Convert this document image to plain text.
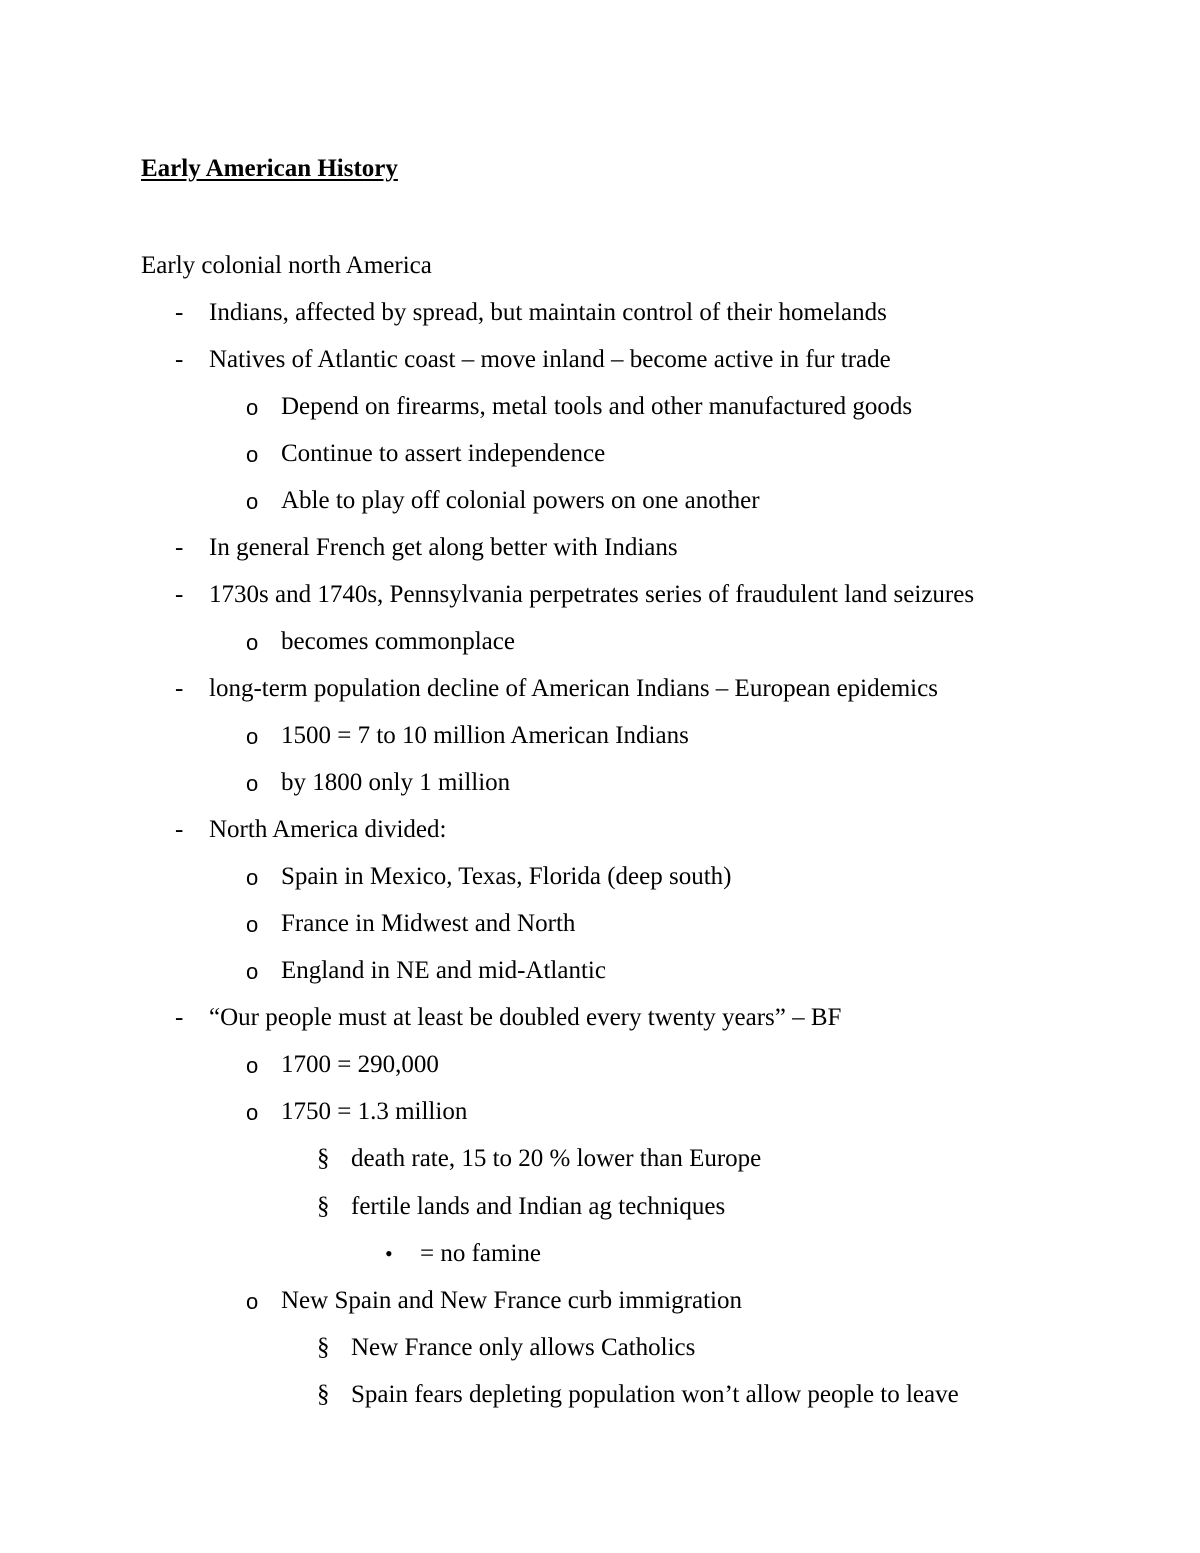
Early American History
Early colonial north America
- Indians, affected by spread, but maintain control of their homelands
- Natives of Atlantic coast – move inland – become active in fur trade
o Depend on firearms, metal tools and other manufactured goods
o Continue to assert independence
o Able to play off colonial powers on one another
- In general French get along better with Indians
- 1730s and 1740s, Pennsylvania perpetrates series of fraudulent land seizures
o becomes commonplace
- long-term population decline of American Indians – European epidemics
o 1500 = 7 to 10 million American Indians
o by 1800 only 1 million
- North America divided:
o Spain in Mexico, Texas, Florida (deep south)
o France in Midwest and North
o England in NE and mid-Atlantic
- “Our people must at least be doubled every twenty years” – BF
o 1700 = 290,000
o 1750 = 1.3 million
§ death rate, 15 to 20 % lower than Europe
§ fertile lands and Indian ag techniques
• = no famine
o New Spain and New France curb immigration
§ New France only allows Catholics
§ Spain fears depleting population won’t allow people to leave
